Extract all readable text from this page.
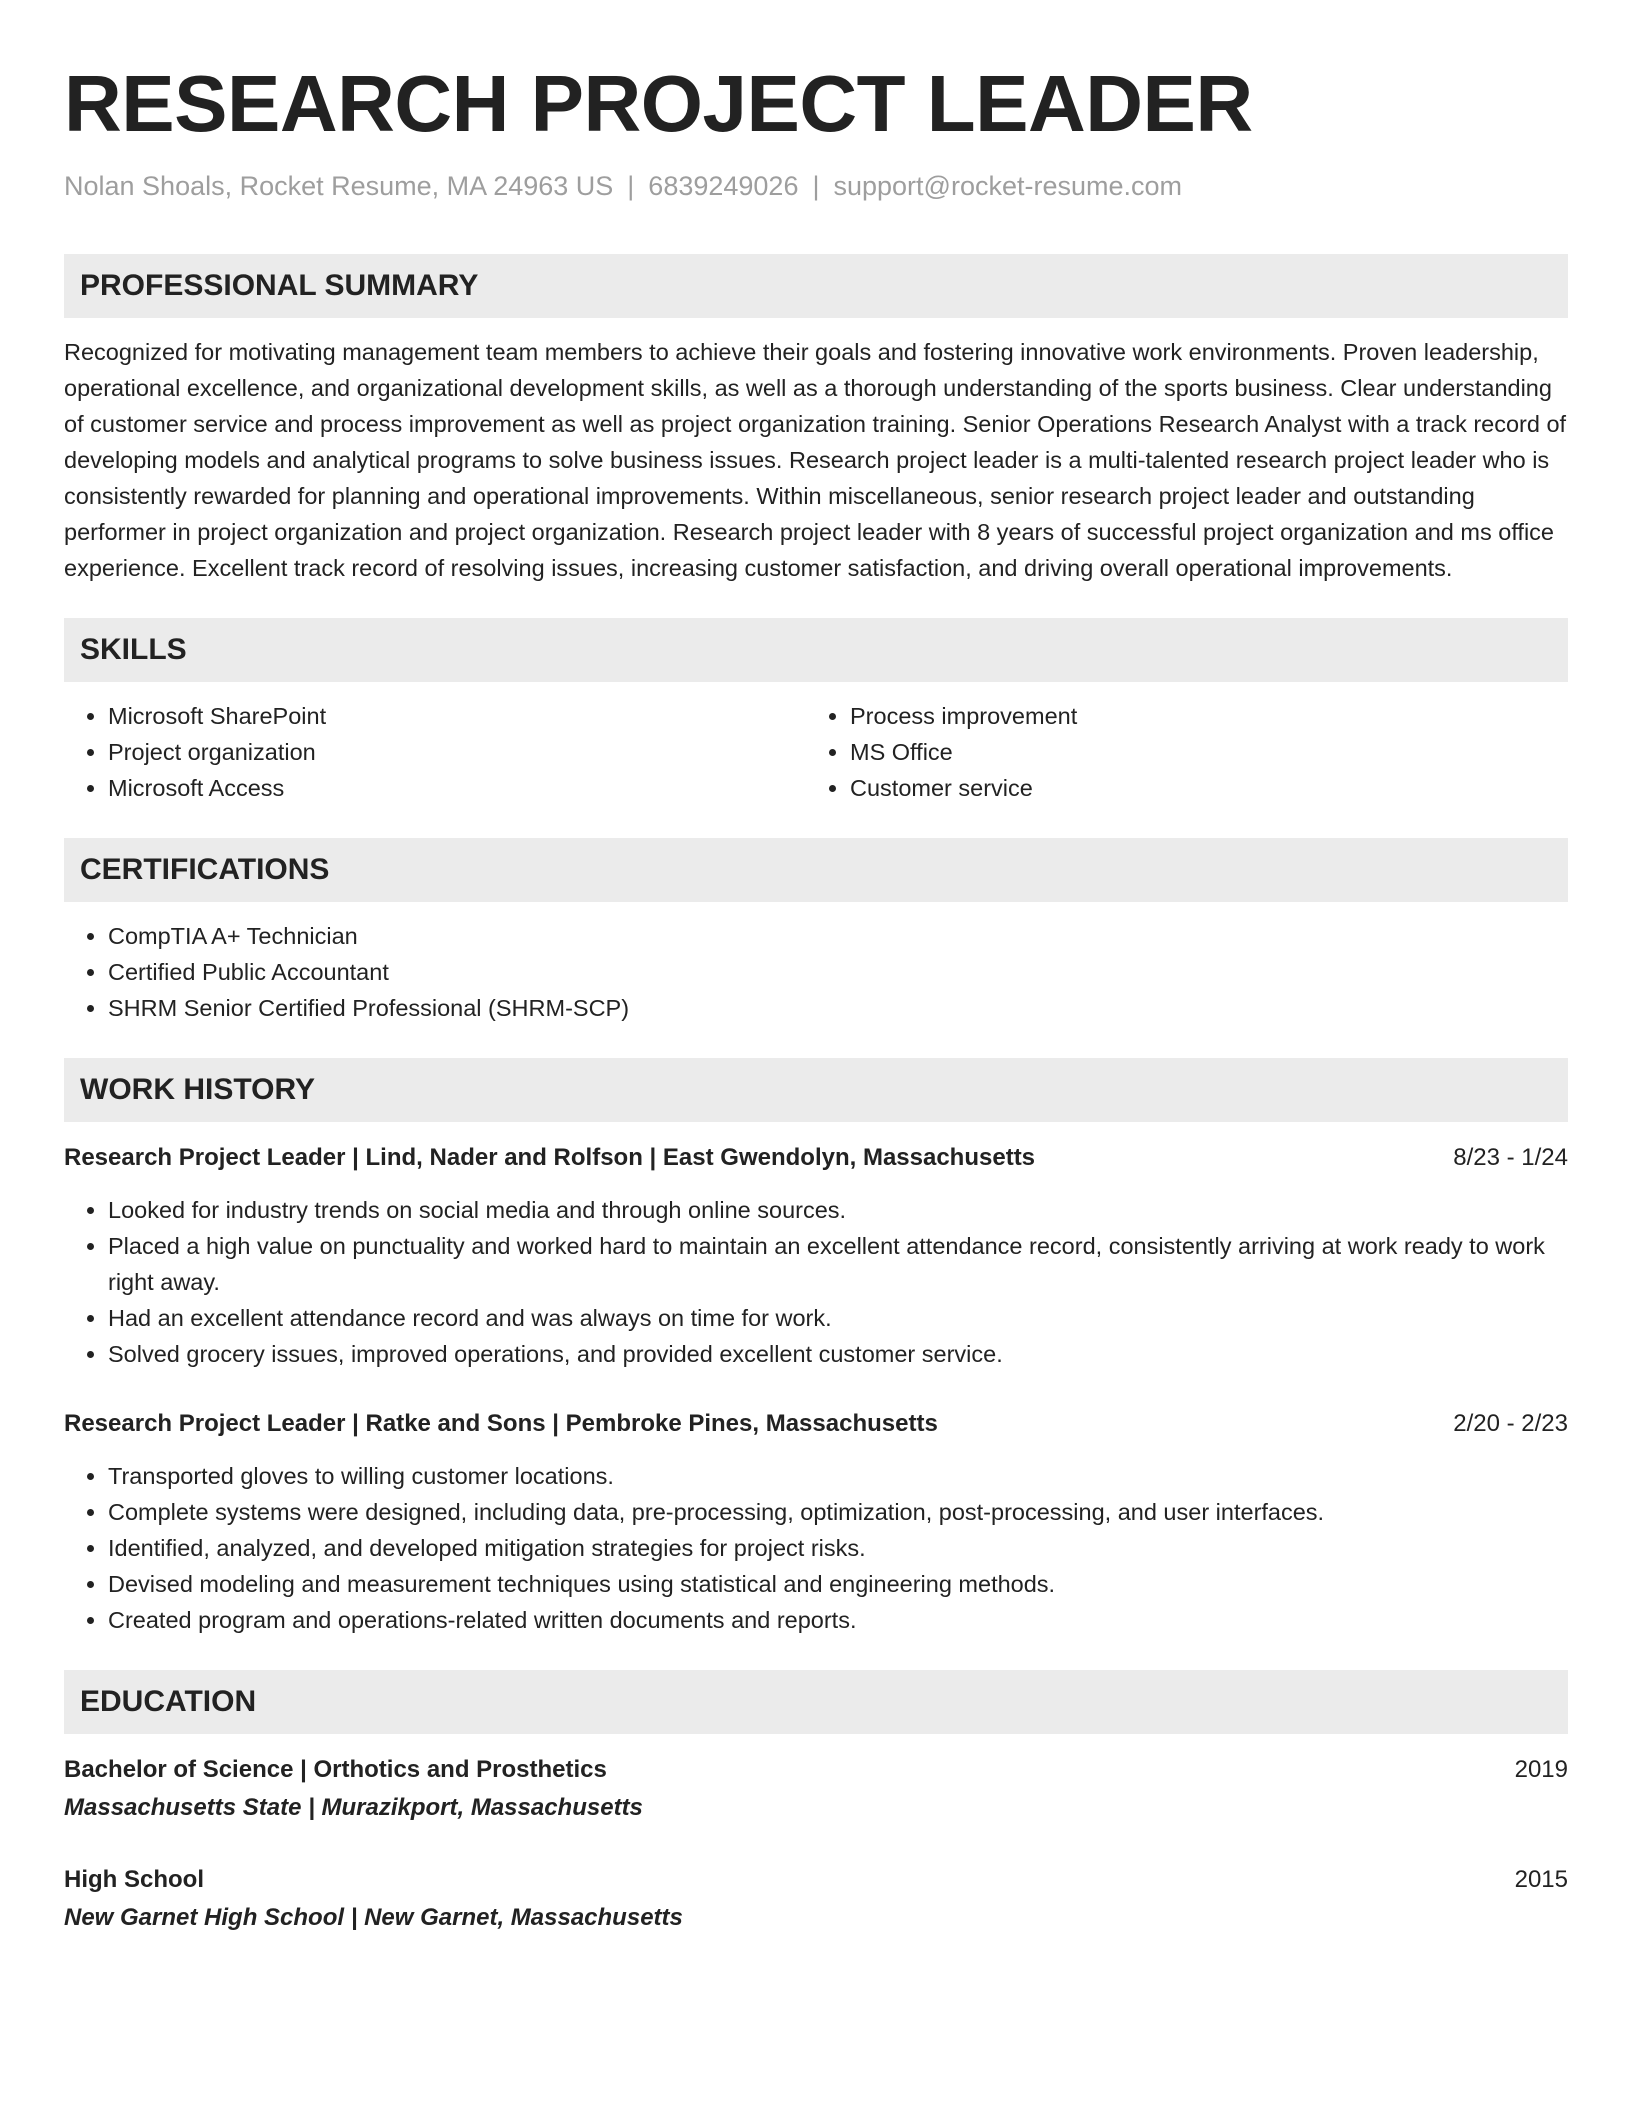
RESEARCH PROJECT LEADER
Nolan Shoals, Rocket Resume, MA 24963 US | 6839249026 | support@rocket-resume.com
PROFESSIONAL SUMMARY
Recognized for motivating management team members to achieve their goals and fostering innovative work environments. Proven leadership, operational excellence, and organizational development skills, as well as a thorough understanding of the sports business. Clear understanding of customer service and process improvement as well as project organization training. Senior Operations Research Analyst with a track record of developing models and analytical programs to solve business issues. Research project leader is a multi-talented research project leader who is consistently rewarded for planning and operational improvements. Within miscellaneous, senior research project leader and outstanding performer in project organization and project organization. Research project leader with 8 years of successful project organization and ms office experience. Excellent track record of resolving issues, increasing customer satisfaction, and driving overall operational improvements.
SKILLS
• Microsoft SharePoint
• Project organization
• Microsoft Access
• Process improvement
• MS Office
• Customer service
CERTIFICATIONS
• CompTIA A+ Technician
• Certified Public Accountant
• SHRM Senior Certified Professional (SHRM-SCP)
WORK HISTORY
Research Project Leader | Lind, Nader and Rolfson | East Gwendolyn, Massachusetts	8/23 - 1/24
• Looked for industry trends on social media and through online sources.
• Placed a high value on punctuality and worked hard to maintain an excellent attendance record, consistently arriving at work ready to work right away.
• Had an excellent attendance record and was always on time for work.
• Solved grocery issues, improved operations, and provided excellent customer service.
Research Project Leader | Ratke and Sons | Pembroke Pines, Massachusetts	2/20 - 2/23
• Transported gloves to willing customer locations.
• Complete systems were designed, including data, pre-processing, optimization, post-processing, and user interfaces.
• Identified, analyzed, and developed mitigation strategies for project risks.
• Devised modeling and measurement techniques using statistical and engineering methods.
• Created program and operations-related written documents and reports.
EDUCATION
Bachelor of Science | Orthotics and Prosthetics	2019
Massachusetts State | Murazikport, Massachusetts
High School	2015
New Garnet High School | New Garnet, Massachusetts
